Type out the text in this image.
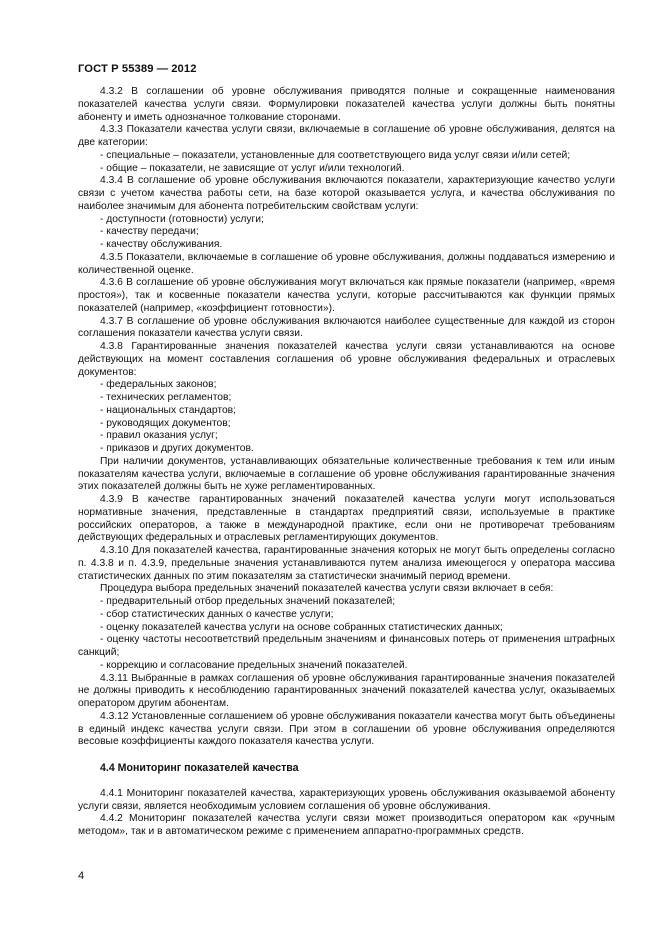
ГОСТ Р 55389 — 2012
4.3.2 В соглашении об уровне обслуживания приводятся полные и сокращенные наименования показателей качества услуги связи. Формулировки показателей качества услуги должны быть понятны абоненту и иметь однозначное толкование сторонами.
4.3.3 Показатели качества услуги связи, включаемые в соглашение об уровне обслуживания, делятся на две категории:
- специальные – показатели, установленные для соответствующего вида услуг связи и/или сетей;
- общие – показатели, не зависящие от услуг и/или технологий.
4.3.4 В соглашение об уровне обслуживания включаются показатели, характеризующие качество услуги связи с учетом качества работы сети, на базе которой оказывается услуга, и качества обслуживания по наиболее значимым для абонента потребительским свойствам услуги:
- доступности (готовности) услуги;
- качеству передачи;
- качеству обслуживания.
4.3.5 Показатели, включаемые в соглашение об уровне обслуживания, должны поддаваться измерению и количественной оценке.
4.3.6 В соглашение об уровне обслуживания могут включаться как прямые показатели (например, «время простоя»), так и косвенные показатели качества услуги, которые рассчитываются как функции прямых показателей (например, «коэффициент готовности»).
4.3.7 В соглашение об уровне обслуживания включаются наиболее существенные для каждой из сторон соглашения показатели качества услуги связи.
4.3.8 Гарантированные значения показателей качества услуги связи устанавливаются на основе действующих на момент составления соглашения об уровне обслуживания федеральных и отраслевых документов:
- федеральных законов;
- технических регламентов;
- национальных стандартов;
- руководящих документов;
- правил оказания услуг;
- приказов и других документов.
При наличии документов, устанавливающих обязательные количественные требования к тем или иным показателям качества услуги, включаемые в соглашение об уровне обслуживания гарантированные значения этих показателей должны быть не хуже регламентированных.
4.3.9 В качестве гарантированных значений показателей качества услуги могут использоваться нормативные значения, представленные в стандартах предприятий связи, используемые в практике российских операторов, а также в международной практике, если они не противоречат требованиям действующих федеральных и отраслевых регламентирующих документов.
4.3.10 Для показателей качества, гарантированные значения которых не могут быть определены согласно п. 4.3.8 и п. 4.3.9, предельные значения устанавливаются путем анализа имеющегося у оператора массива статистических данных по этим показателям за статистически значимый период времени.
Процедура выбора предельных значений показателей качества услуги связи включает в себя:
- предварительный отбор предельных значений показателей;
- сбор статистических данных о качестве услуги;
- оценку показателей качества услуги на основе собранных статистических данных;
- оценку частоты несоответствий предельным значениям и финансовых потерь от применения штрафных санкций;
- коррекцию и согласование предельных значений показателей.
4.3.11 Выбранные в рамках соглашения об уровне обслуживания гарантированные значения показателей не должны приводить к несоблюдению гарантированных значений показателей качества услуг, оказываемых оператором другим абонентам.
4.3.12 Установленные соглашением об уровне обслуживания показатели качества могут быть объединены в единый индекс качества услуги связи. При этом в соглашении об уровне обслуживания определяются весовые коэффициенты каждого показателя качества услуги.
4.4 Мониторинг показателей качества
4.4.1 Мониторинг показателей качества, характеризующих уровень обслуживания оказываемой абоненту услуги связи, является необходимым условием соглашения об уровне обслуживания.
4.4.2 Мониторинг показателей качества услуги связи может производиться оператором как «ручным методом», так и в автоматическом режиме с применением аппаратно-программных средств.
4
